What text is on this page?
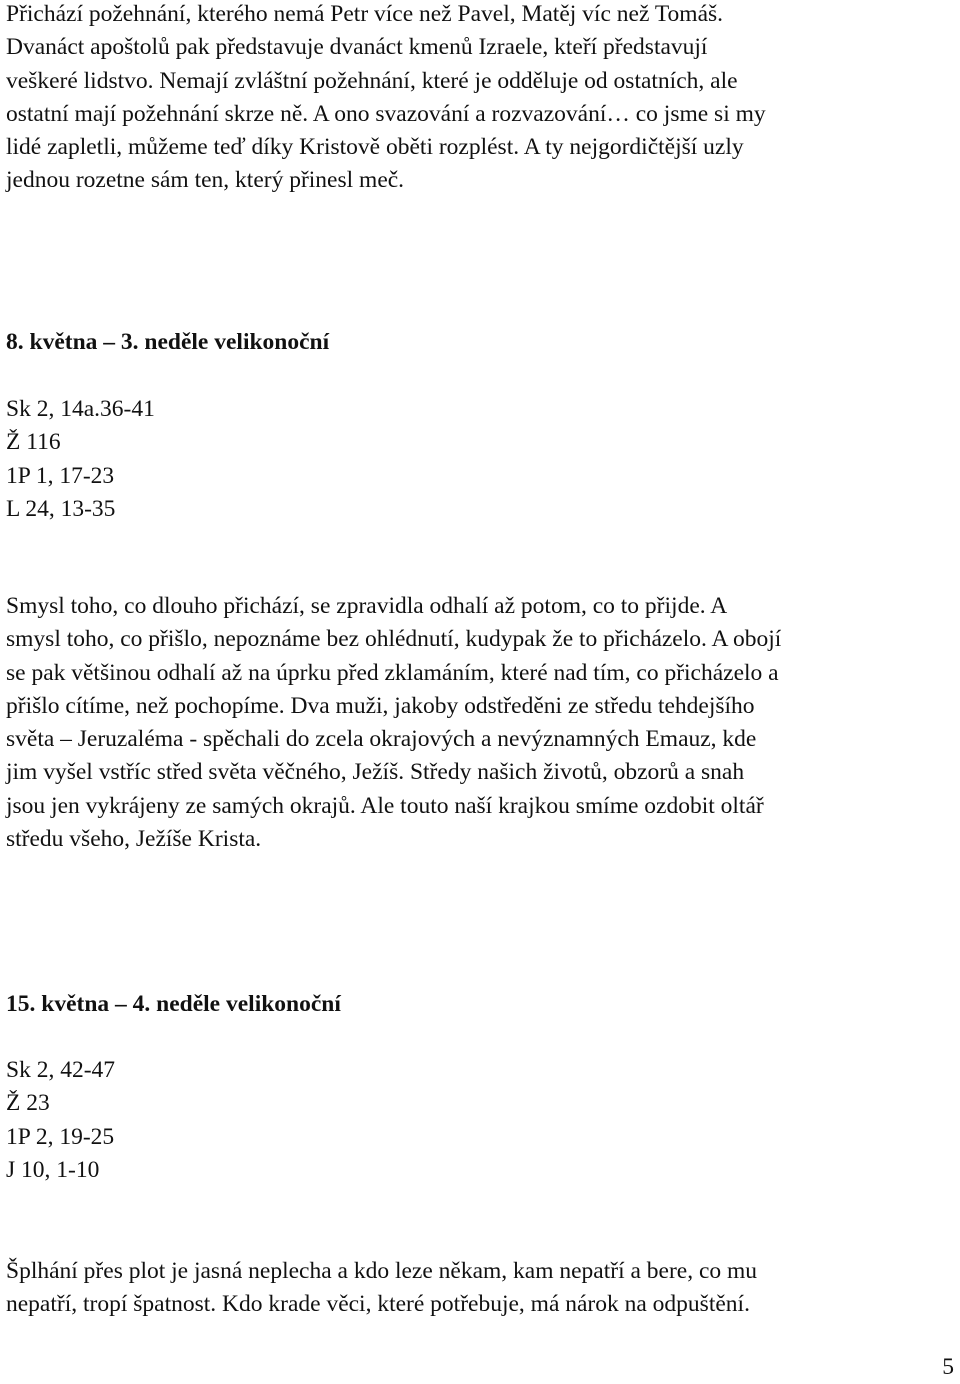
Přichází požehnání, kterého nemá Petr více než Pavel, Matěj víc než Tomáš.
Dvanáct apoštolů pak představuje dvanáct kmenů Izraele, kteří představují
veškeré lidstvo. Nemají zvláštní požehnání, které je odděluje od ostatních, ale
ostatní mají požehnání skrze ně. A ono svazování a rozvazování… co jsme si my
lidé zapletli, můžeme teď díky Kristově oběti rozplést. A ty nejgordičtější uzly
jednou rozetne sám ten, který přinesl meč.

8. května – 3. neděle velikonoční

Sk 2, 14a.36-41
Ž 116
1P 1, 17-23
L 24, 13-35

Smysl toho, co dlouho přichází, se zpravidla odhalí až potom, co to přijde. A
smysl toho, co přišlo, nepoznáme bez ohlédnutí, kudypak že to přicházelo. A obojí
se pak většinou odhalí až na úprku před zklamáním, které nad tím, co přicházelo a
přišlo cítíme, než pochopíme. Dva muži, jakoby odstředěni ze středu tehdejšího
světa – Jeruzaléma - spěchali do zcela okrajových a nevýznamných Emauz, kde
jim vyšel vstříc střed světa věčného, Ježíš. Středy našich životů, obzorů a snah
jsou jen vykrájeny ze samých okrajů. Ale touto naší krajkou smíme ozdobit oltář
středu všeho, Ježíše Krista.

15. května – 4. neděle velikonoční

Sk 2, 42-47
Ž 23
1P 2, 19-25
J 10, 1-10

Šplhání přes plot je jasná neplecha a kdo leze někam, kam nepatří a bere, co mu
nepatří, tropí špatnost. Kdo krade věci, které potřebuje, má nárok na odpuštění.

5
